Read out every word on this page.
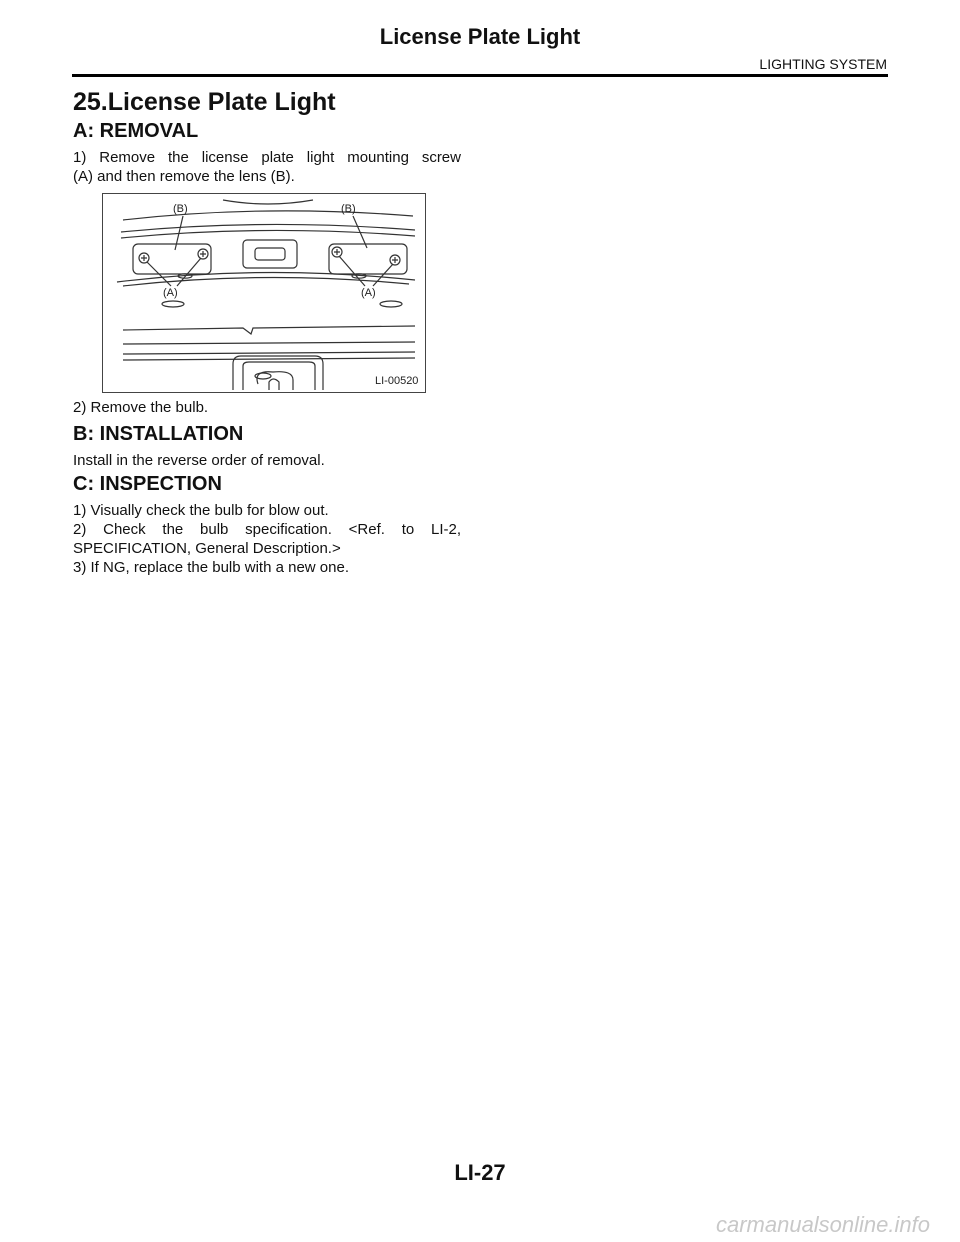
License Plate Light
LIGHTING SYSTEM
25.License Plate Light
A: REMOVAL
1) Remove the license plate light mounting screw
(A) and then remove the lens (B).
(B)	(B)
(A)	(A)
LI-00520
2) Remove the bulb.
B: INSTALLATION
Install in the reverse order of removal.
C: INSPECTION
1) Visually check the bulb for blow out.
2) Check the bulb specification. <Ref. to LI-2,
SPECIFICATION, General Description.>
3) If NG, replace the bulb with a new one.
LI-27
carmanualsonline.info
